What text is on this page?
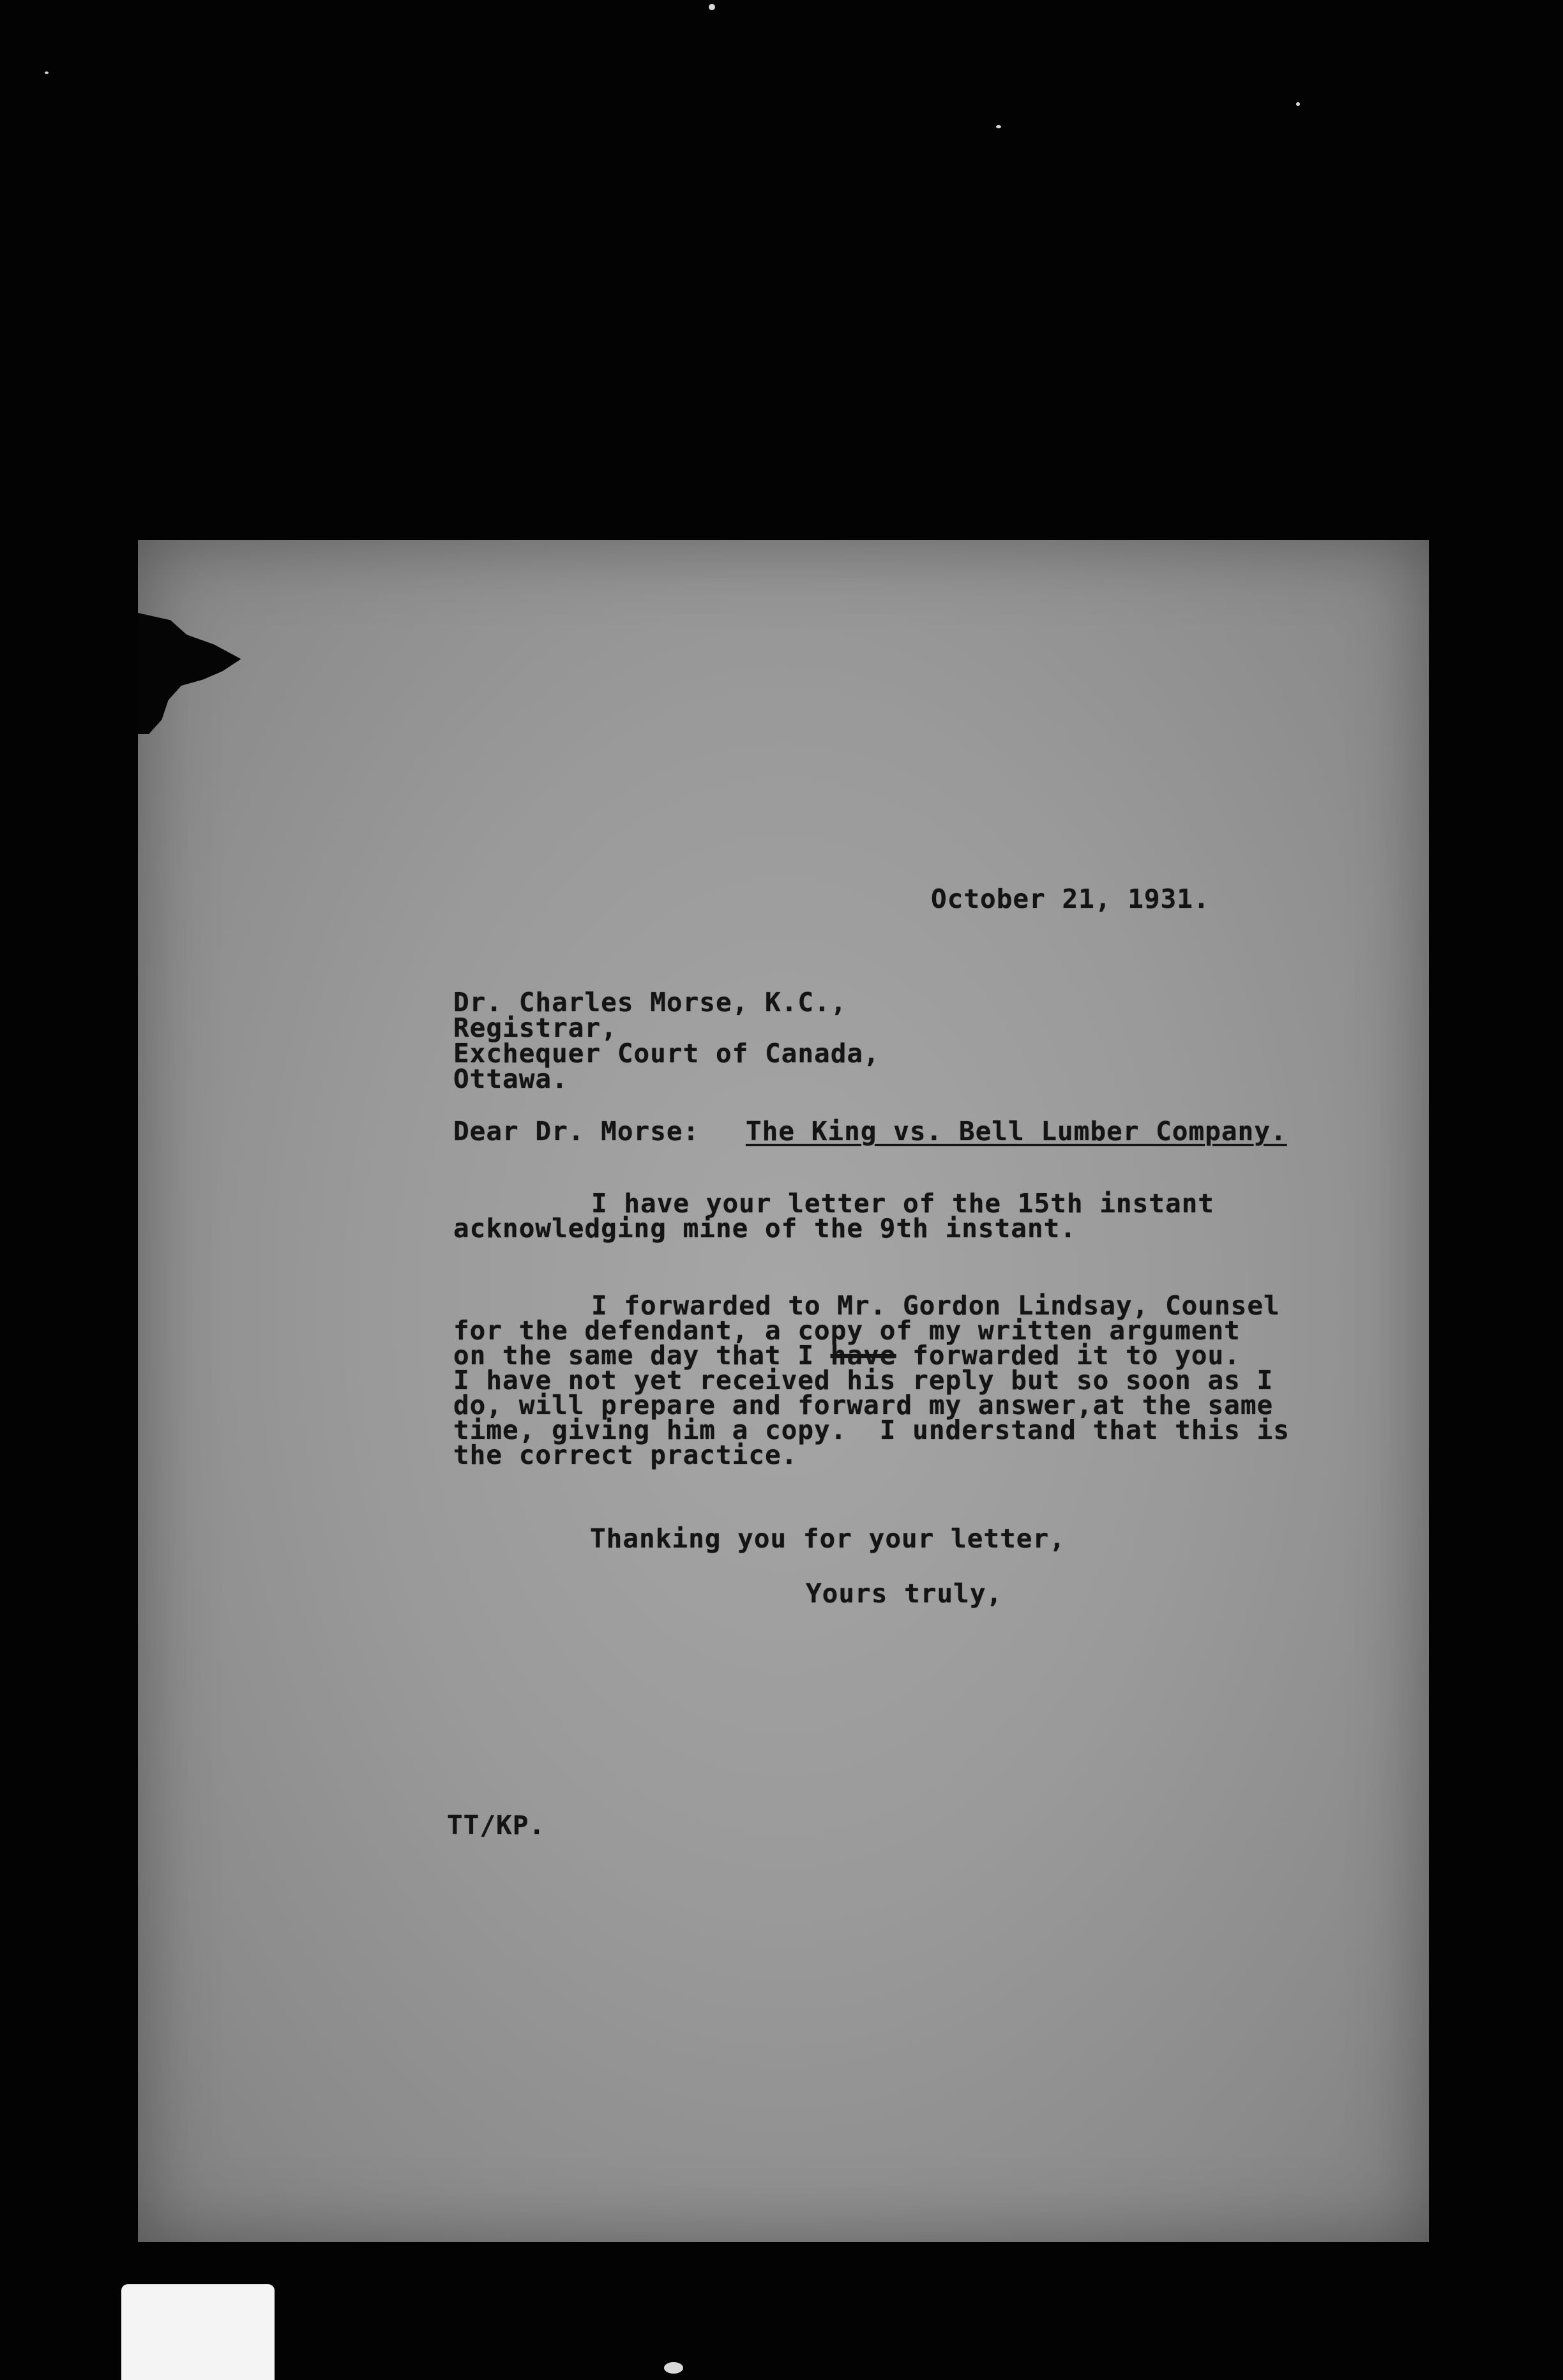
October 21, 1931.
Dr. Charles Morse, K.C.,
Registrar,
Exchequer Court of Canada,
Ottawa.
Dear Dr. Morse: The King vs. Bell Lumber Company.
I have your letter of the 15th instant
acknowledging mine of the 9th instant.
I forwarded to Mr. Gordon Lindsay, Counsel
for the defendant, a copy of my written argument
on the same day that I have forwarded it to you.
I have not yet received his reply but so soon as I
do, will prepare and forward my answer,at the same
time, giving him a copy.  I understand that this is
the correct practice.
Thanking you for your letter,
Yours truly,
TT/KP.
